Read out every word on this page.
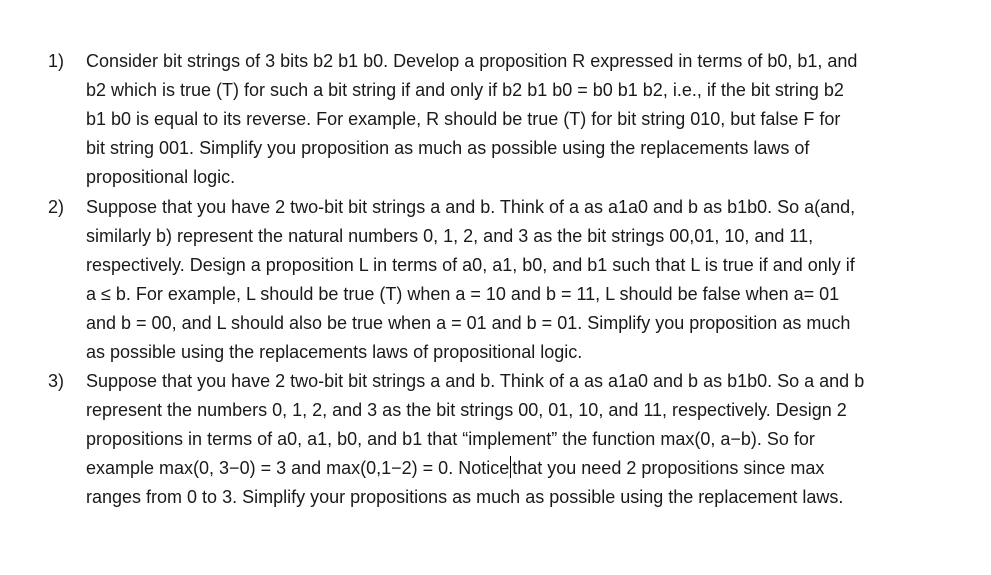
1) Consider bit strings of 3 bits b2 b1 b0. Develop a proposition R expressed in terms of b0, b1, and
b2 which is true (T) for such a bit string if and only if b2 b1 b0 = b0 b1 b2, i.e., if the bit string b2
b1 b0 is equal to its reverse. For example, R should be true (T) for bit string 010, but false F for
bit string 001. Simplify you proposition as much as possible using the replacements laws of
propositional logic.
2) Suppose that you have 2 two-bit bit strings a and b. Think of a as a1a0 and b as b1b0. So a(and,
similarly b) represent the natural numbers 0, 1, 2, and 3 as the bit strings 00,01, 10, and 11,
respectively. Design a proposition L in terms of a0, a1, b0, and b1 such that L is true if and only if
a ≤ b. For example, L should be true (T) when a = 10 and b = 11, L should be false when a= 01
and b = 00, and L should also be true when a = 01 and b = 01. Simplify you proposition as much
as possible using the replacements laws of propositional logic.
3) Suppose that you have 2 two-bit bit strings a and b. Think of a as a1a0 and b as b1b0. So a and b
represent the numbers 0, 1, 2, and 3 as the bit strings 00, 01, 10, and 11, respectively. Design 2
propositions in terms of a0, a1, b0, and b1 that “implement” the function max(0, a−b). So for
example max(0, 3−0) = 3 and max(0,1−2) = 0. Notice that you need 2 propositions since max
ranges from 0 to 3. Simplify your propositions as much as possible using the replacement laws.
